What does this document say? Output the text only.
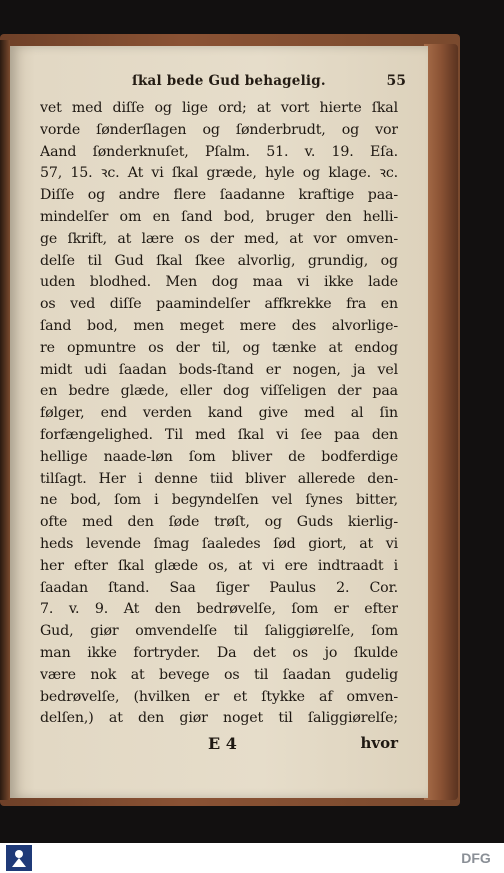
ſkal bede Gud behagelig.	55
vet med diſſe og lige ord; at vort hierte ſkal
vorde ſønderſlagen og ſønderbrudt, og vor
Aand ſønderknuſet, Pſalm. 51. v. 19. Eſa.
57, 15. ꝛc. At vi ſkal græde, hyle og klage. ꝛc.
Diſſe og andre flere ſaadanne kraftige paa-
mindelſer om en ſand bod, bruger den helli-
ge ſkrift, at lære os der med, at vor omven-
delſe til Gud ſkal ſkee alvorlig, grundig, og
uden blodhed. Men dog maa vi ikke lade
os ved diſſe paamindelſer affkrekke fra en
ſand bod, men meget mere des alvorlige-
re opmuntre os der til, og tænke at endog
midt udi ſaadan bods-ſtand er nogen, ja vel
en bedre glæde, eller dog viſſeligen der paa
følger, end verden kand give med al ſin
forfængelighed. Til med ſkal vi ſee paa den
hellige naade-løn ſom bliver de bodferdige
tilſagt. Her i denne tiid bliver allerede den-
ne bod, ſom i begyndelſen vel ſynes bitter,
ofte med den ſøde trøſt, og Guds kierlig-
heds levende ſmag ſaaledes ſød giort, at vi
her efter ſkal glæde os, at vi ere indtraadt i
ſaadan ſtand. Saa ſiger Paulus 2. Cor.
7. v. 9. At den bedrøvelſe, ſom er efter
Gud, giør omvendelſe til ſaliggiørelſe, ſom
man ikke fortryder. Da det os jo ſkulde
være nok at bevege os til ſaadan gudelig
bedrøvelſe, (hvilken er et ſtykke af omven-
delſen,) at den giør noget til ſaliggiørelſe;
E 4	hvor
DFG
